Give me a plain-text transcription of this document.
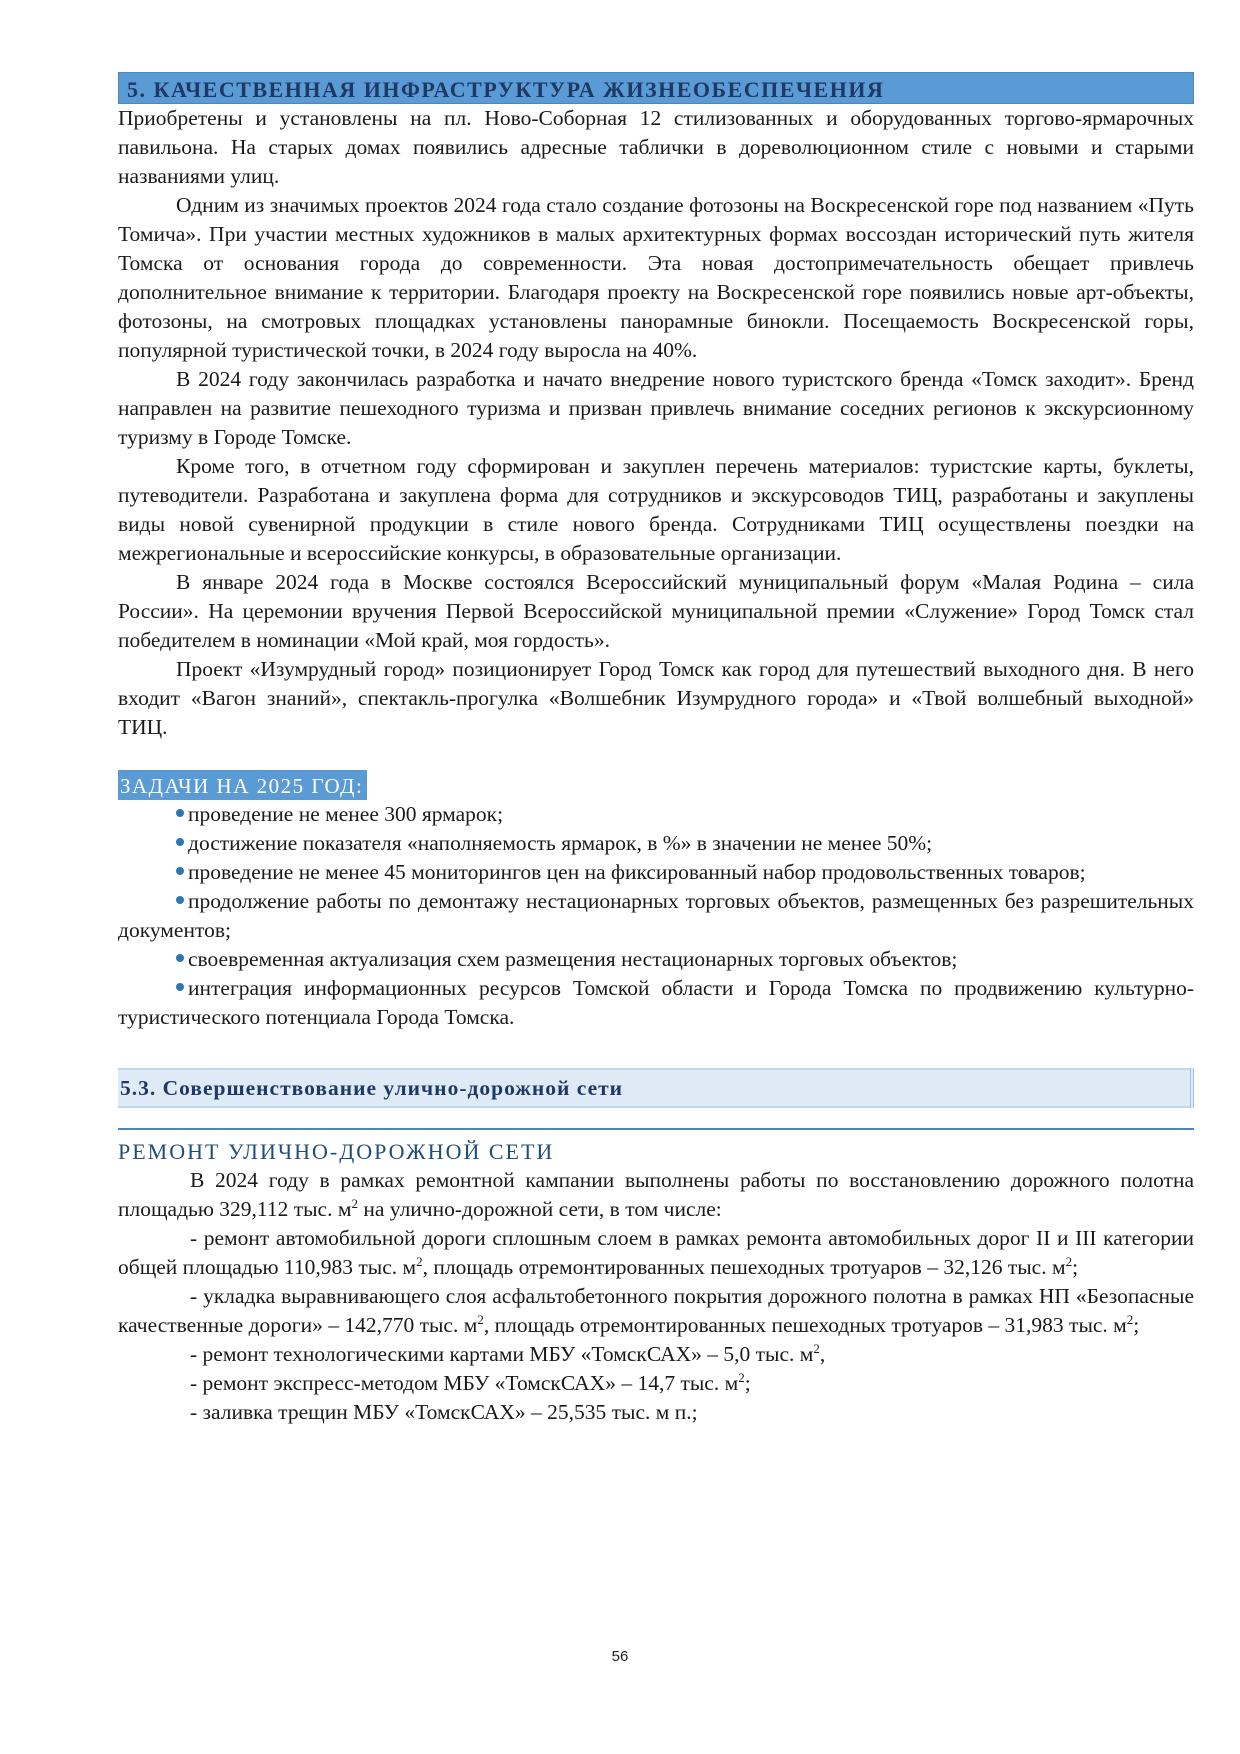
5. КАЧЕСТВЕННАЯ ИНФРАСТРУКТУРА ЖИЗНЕОБЕСПЕЧЕНИЯ

Приобретены и установлены на пл. Ново-Соборная 12 стилизованных и оборудованных торгово-ярмарочных павильона. На старых домах появились адресные таблички в дореволюционном стиле с новыми и старыми названиями улиц.

Одним из значимых проектов 2024 года стало создание фотозоны на Воскресенской горе под названием «Путь Томича». При участии местных художников в малых архитектурных формах воссоздан исторический путь жителя Томска от основания города до современности. Эта новая достопримечательность обещает привлечь дополнительное внимание к территории. Благодаря проекту на Воскресенской горе появились новые арт-объекты, фотозоны, на смотровых площадках установлены панорамные бинокли. Посещаемость Воскресенской горы, популярной туристической точки, в 2024 году выросла на 40%.

В 2024 году закончилась разработка и начато внедрение нового туристского бренда «Томск заходит». Бренд направлен на развитие пешеходного туризма и призван привлечь внимание соседних регионов к экскурсионному туризму в Городе Томске.

Кроме того, в отчетном году сформирован и закуплен перечень материалов: туристские карты, буклеты, путеводители. Разработана и закуплена форма для сотрудников и экскурсоводов ТИЦ, разработаны и закуплены виды новой сувенирной продукции в стиле нового бренда. Сотрудниками ТИЦ осуществлены поездки на межрегиональные и всероссийские конкурсы, в образовательные организации.

В январе 2024 года в Москве состоялся Всероссийский муниципальный форум «Малая Родина – сила России». На церемонии вручения Первой Всероссийской муниципальной премии «Служение» Город Томск стал победителем в номинации «Мой край, моя гордость».

Проект «Изумрудный город» позиционирует Город Томск как город для путешествий выходного дня. В него входит «Вагон знаний», спектакль-прогулка «Волшебник Изумрудного города» и «Твой волшебный выходной» ТИЦ.

ЗАДАЧИ НА 2025 ГОД:

проведение не менее 300 ярмарок;

достижение показателя «наполняемость ярмарок, в %» в значении не менее 50%;

проведение не менее 45 мониторингов цен на фиксированный набор продовольственных товаров;

продолжение работы по демонтажу нестационарных торговых объектов, размещенных без разрешительных документов;

своевременная актуализация схем размещения нестационарных торговых объектов;

интеграция информационных ресурсов Томской области и Города Томска по продвижению культурно-туристического потенциала Города Томска.

5.3. Совершенствование улично-дорожной сети
РЕМОНТ УЛИЧНО-ДОРОЖНОЙ СЕТИ

В 2024 году в рамках ремонтной кампании выполнены работы по восстановлению дорожного полотна площадью 329,112 тыс. $м^2$ на улично-дорожной сети, в том числе:

- ремонт автомобильной дороги сплошным слоем в рамках ремонта автомобильных дорог II и III категории общей площадью 110,983 тыс. $м^2$, площадь отремонтированных пешеходных тротуаров – 32,126 тыс. $м^2$;

- укладка выравнивающего слоя асфальтобетонного покрытия дорожного полотна в рамках НП «Безопасные качественные дороги» – 142,770 тыс. $м^2$, площадь отремонтированных пешеходных тротуаров – 31,983 тыс. $м^2$;

- ремонт технологическими картами МБУ «ТомскСАХ» – 5,0 тыс. $м^2$,

- ремонт экспресс-методом МБУ «ТомскСАХ» – 14,7 тыс. $м^2$;

- заливка трещин МБУ «ТомскСАХ» – 25,535 тыс. м п.;

56
